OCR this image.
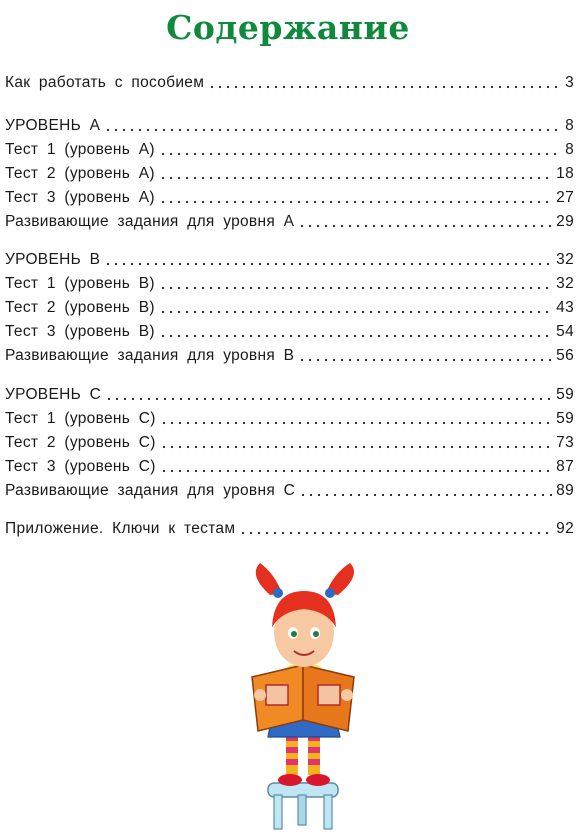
Содержание
Как работать с пособием	3
УРОВЕНЬ А	8
Тест 1 (уровень А)	8
Тест 2 (уровень А)	18
Тест 3 (уровень А)	27
Развивающие задания для уровня А	29
УРОВЕНЬ В	32
Тест 1 (уровень В)	32
Тест 2 (уровень В)	43
Тест 3 (уровень В)	54
Развивающие задания для уровня В	56
УРОВЕНЬ С	59
Тест 1 (уровень С)	59
Тест 2 (уровень С)	73
Тест 3 (уровень С)	87
Развивающие задания для уровня С	89
Приложение. Ключи к тестам	92
